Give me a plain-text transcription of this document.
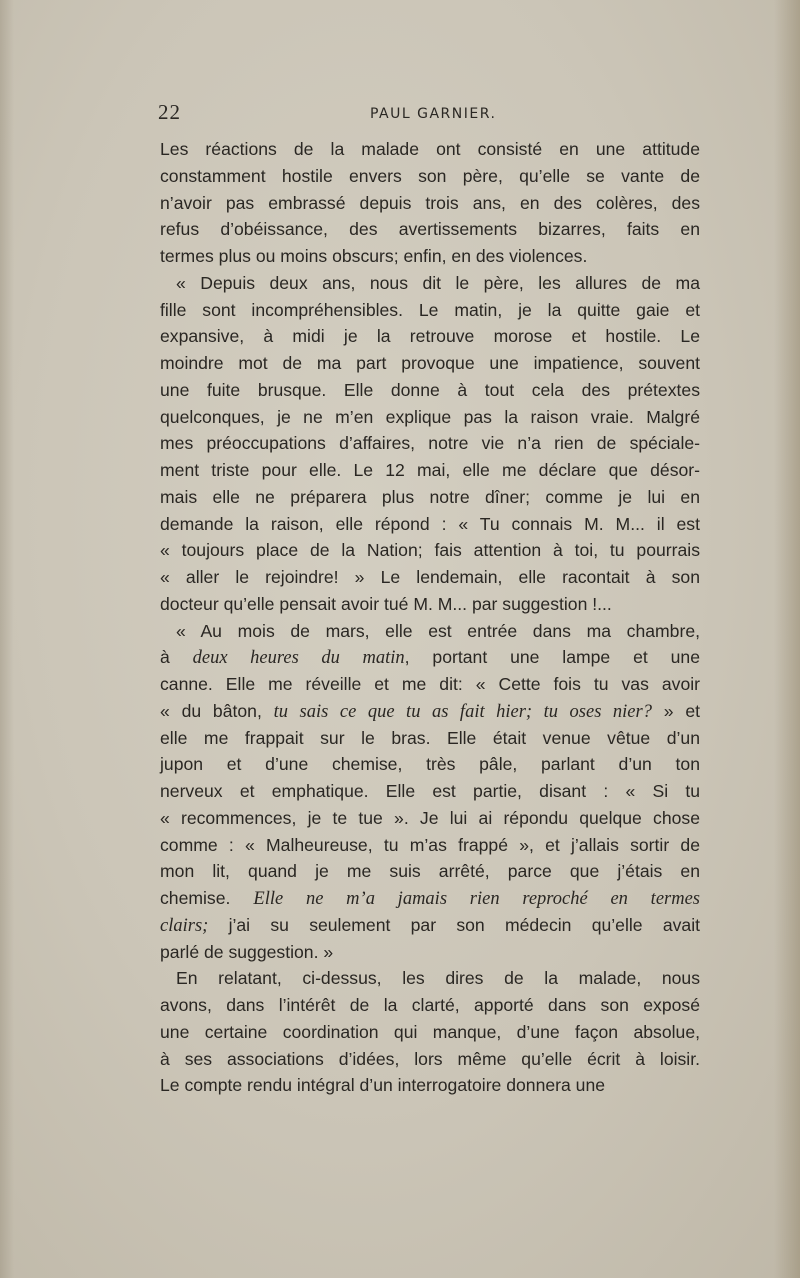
22	PAUL GARNIER.
Les réactions de la malade ont consisté en une attitude
constamment hostile envers son père, qu’elle se vante de
n’avoir pas embrassé depuis trois ans, en des colères, des
refus d’obéissance, des avertissements bizarres, faits en
termes plus ou moins obscurs; enfin, en des violences.
« Depuis deux ans, nous dit le père, les allures de ma
fille sont incompréhensibles. Le matin, je la quitte gaie et
expansive, à midi je la retrouve morose et hostile. Le
moindre mot de ma part provoque une impatience, souvent
une fuite brusque. Elle donne à tout cela des prétextes
quelconques, je ne m’en explique pas la raison vraie. Malgré
mes préoccupations d’affaires, notre vie n’a rien de spéciale-
ment triste pour elle. Le 12 mai, elle me déclare que désor-
mais elle ne préparera plus notre dîner; comme je lui en
demande la raison, elle répond : « Tu connais M. M... il est
« toujours place de la Nation; fais attention à toi, tu pourrais
« aller le rejoindre! » Le lendemain, elle racontait à son
docteur qu’elle pensait avoir tué M. M... par suggestion !...
« Au mois de mars, elle est entrée dans ma chambre,
à deux heures du matin, portant une lampe et une
canne. Elle me réveille et me dit: « Cette fois tu vas avoir
« du bâton, tu sais ce que tu as fait hier; tu oses nier? » et
elle me frappait sur le bras. Elle était venue vêtue d’un
jupon et d’une chemise, très pâle, parlant d’un ton
nerveux et emphatique. Elle est partie, disant : « Si tu
« recommences, je te tue ». Je lui ai répondu quelque chose
comme : « Malheureuse, tu m’as frappé », et j’allais sortir de
mon lit, quand je me suis arrêté, parce que j’étais en
chemise. Elle ne m’a jamais rien reproché en termes
clairs; j’ai su seulement par son médecin qu’elle avait
parlé de suggestion. »
En relatant, ci-dessus, les dires de la malade, nous
avons, dans l’intérêt de la clarté, apporté dans son exposé
une certaine coordination qui manque, d’une façon absolue,
à ses associations d’idées, lors même qu’elle écrit à loisir.
Le compte rendu intégral d’un interrogatoire donnera une
